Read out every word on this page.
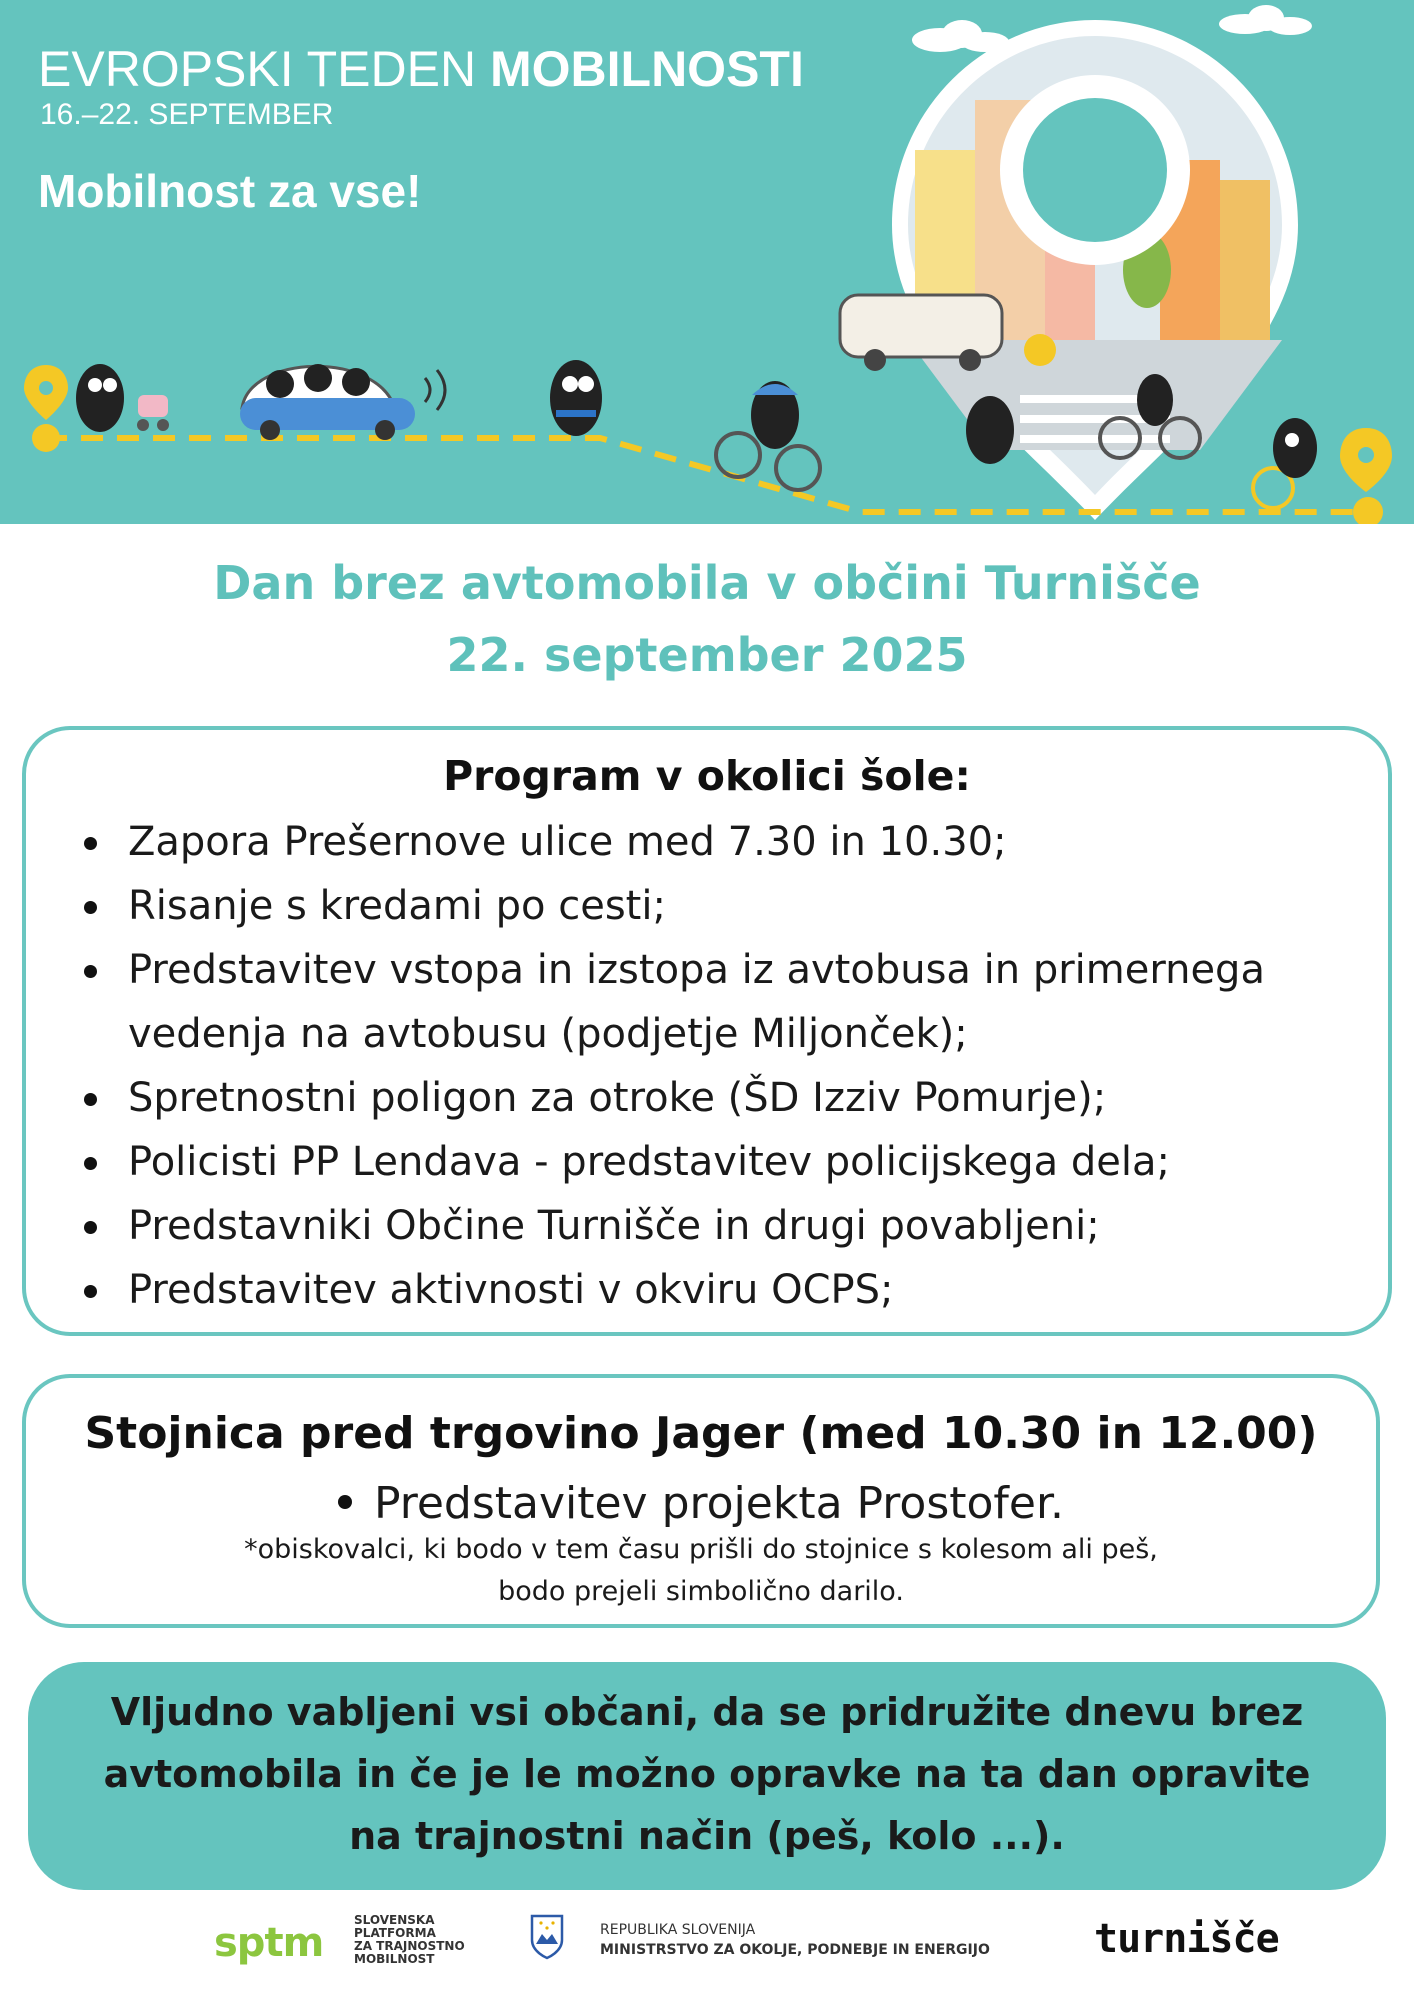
EVROPSKI TEDEN MOBILNOSTI
16.–22. SEPTEMBER
Mobilnost za vse!
Dan brez avtomobila v občini Turnišče
22. september 2025
Program v okolici šole:
Zapora Prešernove ulice med 7.30 in 10.30;
Risanje s kredami po cesti;
Predstavitev vstopa in izstopa iz avtobusa in primernega
vedenja na avtobusu (podjetje Miljonček);
Spretnostni poligon za otroke (ŠD Izziv Pomurje);
Policisti PP Lendava - predstavitev policijskega dela;
Predstavniki Občine Turnišče in drugi povabljeni;
Predstavitev aktivnosti v okviru OCPS;
Stojnica pred trgovino Jager (med 10.30 in 12.00)
Predstavitev projekta Prostofer.
*obiskovalci, ki bodo v tem času prišli do stojnice s kolesom ali peš,
bodo prejeli simbolično darilo.
Vljudno vabljeni vsi občani, da se pridružite dnevu brez
avtomobila in če je le možno opravke na ta dan opravite
na trajnostni način (peš, kolo ...).
sptm	SLOVENSKA
PLATFORMA
ZA TRAJNOSTNO
MOBILNOST
REPUBLIKA SLOVENIJA
MINISTRSTVO ZA OKOLJE, PODNEBJE IN ENERGIJO	turnišče
